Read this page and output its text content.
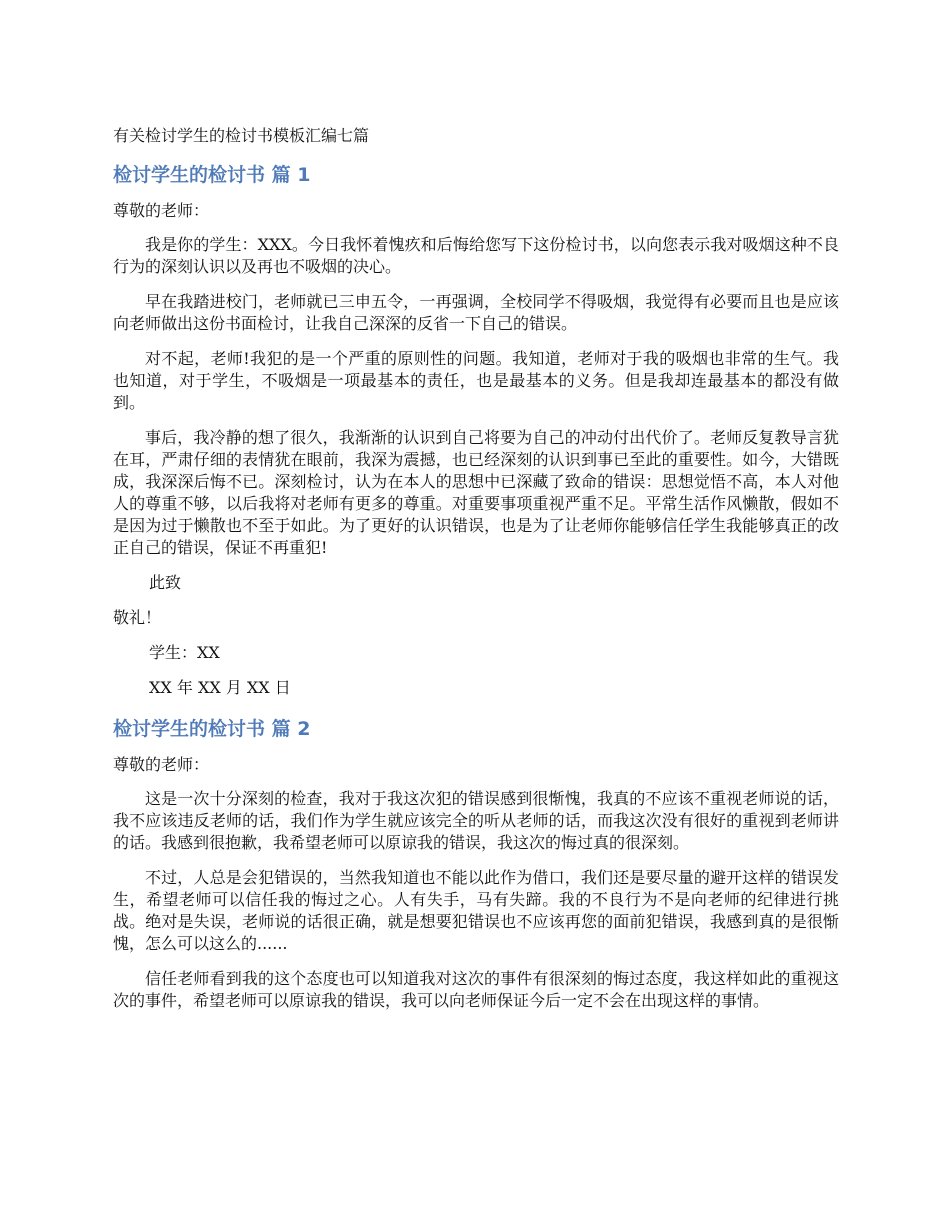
有关检讨学生的检讨书模板汇编七篇
检讨学生的检讨书 篇 1
尊敬的老师：

我是你的学生：XXX。今日我怀着愧疚和后悔给您写下这份检讨书，以向您表示我对吸烟这种不良行为的深刻认识以及再也不吸烟的决心。

早在我踏进校门，老师就已三申五令，一再强调，全校同学不得吸烟，我觉得有必要而且也是应该向老师做出这份书面检讨，让我自己深深的反省一下自己的错误。

对不起，老师!我犯的是一个严重的原则性的问题。我知道，老师对于我的吸烟也非常的生气。我也知道，对于学生，不吸烟是一项最基本的责任，也是最基本的义务。但是我却连最基本的都没有做到。

事后，我冷静的想了很久，我渐渐的认识到自己将要为自己的冲动付出代价了。老师反复教导言犹在耳，严肃仔细的表情犹在眼前，我深为震撼，也已经深刻的认识到事已至此的重要性。如今，大错既成，我深深后悔不已。深刻检讨，认为在本人的思想中已深藏了致命的错误：思想觉悟不高，本人对他人的尊重不够，以后我将对老师有更多的尊重。对重要事项重视严重不足。平常生活作风懒散，假如不是因为过于懒散也不至于如此。为了更好的认识错误，也是为了让老师你能够信任学生我能够真正的改正自己的错误，保证不再重犯!

此致
敬礼！
学生：XX
XX 年 XX 月 XX 日
检讨学生的检讨书 篇 2
尊敬的老师：

这是一次十分深刻的检查，我对于我这次犯的错误感到很惭愧，我真的不应该不重视老师说的话，我不应该违反老师的话，我们作为学生就应该完全的听从老师的话，而我这次没有很好的重视到老师讲的话。我感到很抱歉，我希望老师可以原谅我的错误，我这次的悔过真的很深刻。

不过，人总是会犯错误的，当然我知道也不能以此作为借口，我们还是要尽量的避开这样的错误发生，希望老师可以信任我的悔过之心。人有失手，马有失蹄。我的不良行为不是向老师的纪律进行挑战。绝对是失误，老师说的话很正确，就是想要犯错误也不应该再您的面前犯错误，我感到真的是很惭愧，怎么可以这么的......

信任老师看到我的这个态度也可以知道我对这次的事件有很深刻的悔过态度，我这样如此的重视这次的事件，希望老师可以原谅我的错误，我可以向老师保证今后一定不会在出现这样的事情。
